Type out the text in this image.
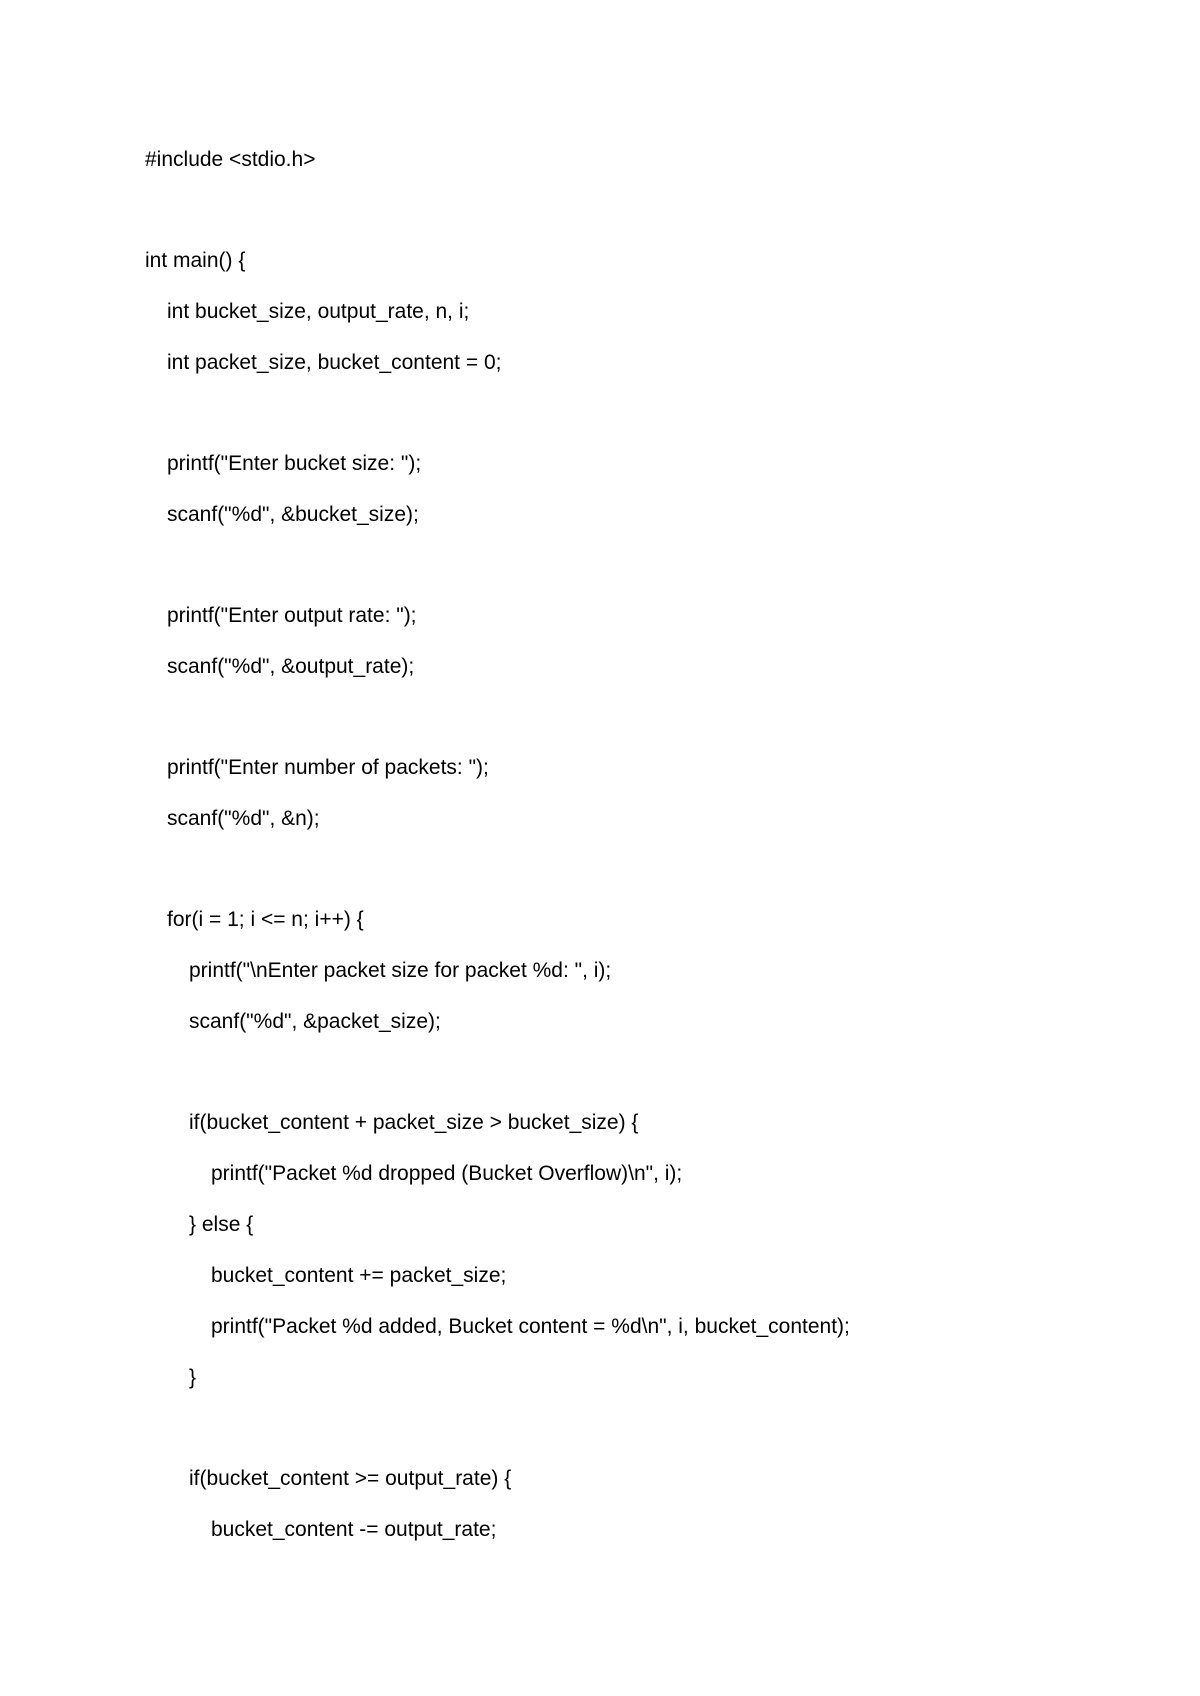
#include <stdio.h>
int main() {
int bucket_size, output_rate, n, i;
int packet_size, bucket_content = 0;
printf("Enter bucket size: ");
scanf("%d", &bucket_size);
printf("Enter output rate: ");
scanf("%d", &output_rate);
printf("Enter number of packets: ");
scanf("%d", &n);
for(i = 1; i <= n; i++) {
printf("\nEnter packet size for packet %d: ", i);
scanf("%d", &packet_size);
if(bucket_content + packet_size > bucket_size) {
printf("Packet %d dropped (Bucket Overflow)\n", i);
} else {
bucket_content += packet_size;
printf("Packet %d added, Bucket content = %d\n", i, bucket_content);
}
if(bucket_content >= output_rate) {
bucket_content -= output_rate;
